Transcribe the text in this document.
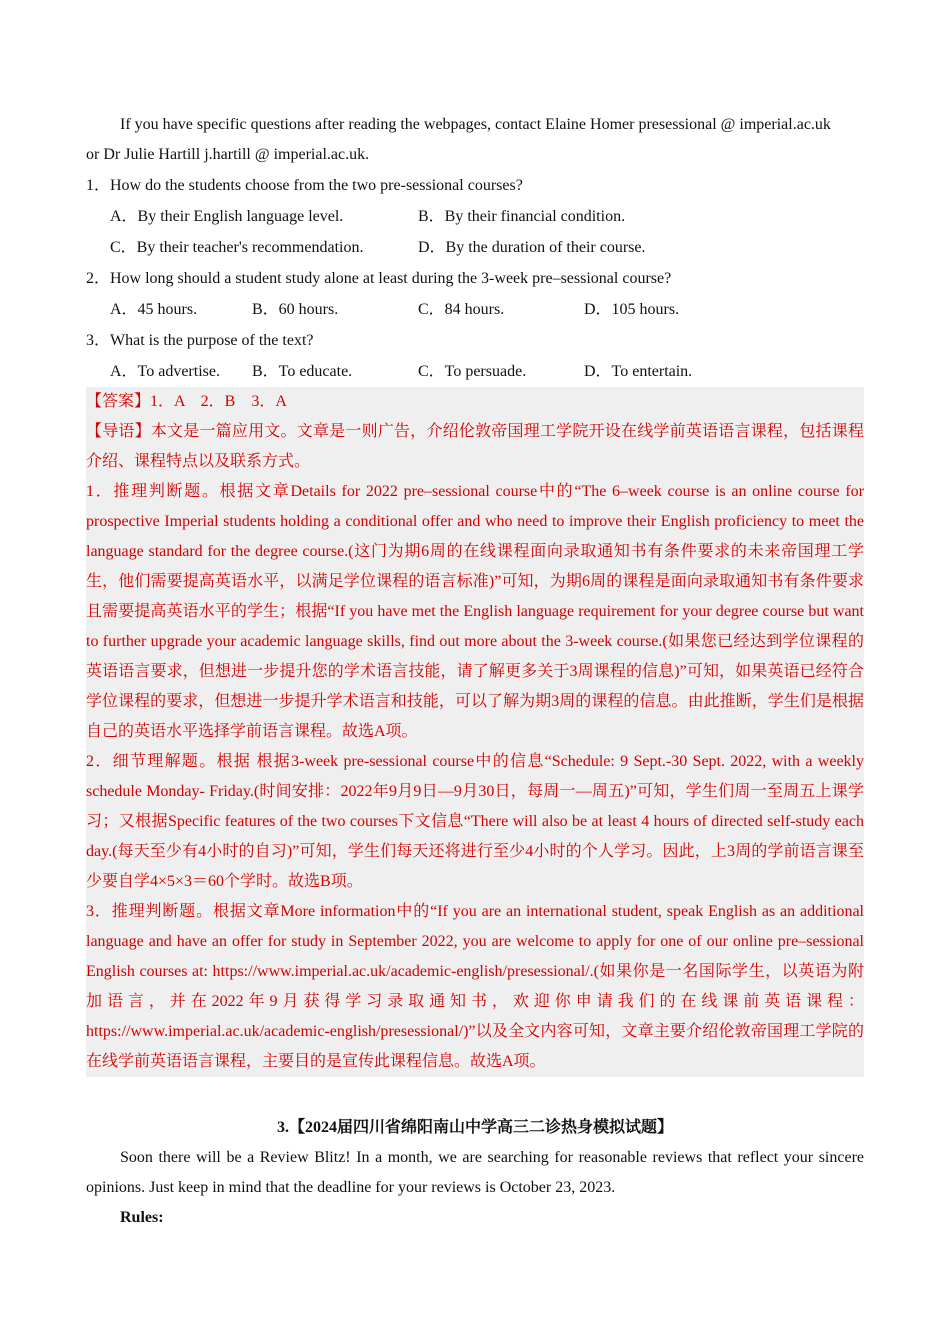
If you have specific questions after reading the webpages, contact Elaine Homer presessional @ imperial.ac.uk
or Dr Julie Hartill j.hartill @ imperial.ac.uk.
1．How do the students choose from the two pre-sessional courses?
A．By their English language level.	B．By their financial condition.
C．By their teacher's recommendation.	D．By the duration of their course.
2．How long should a student study alone at least during the 3-week pre–sessional course?
A．45 hours.	B．60 hours.	C．84 hours.	D．105 hours.
3．What is the purpose of the text?
A．To advertise.	B．To educate.	C．To persuade.	D．To entertain.
【答案】1．A　2．B　3．A
【导语】本文是一篇应用文。文章是一则广告，介绍伦敦帝国理工学院开设在线学前英语语言课程，包括课程介绍、课程特点以及联系方式。
1．推理判断题。根据文章Details for 2022 pre–sessional course中的“The 6–week course is an online course for prospective Imperial students holding a conditional offer and who need to improve their English proficiency to meet the language standard for the degree course.(这门为期6周的在线课程面向录取通知书有条件要求的未来帝国理工学生，他们需要提高英语水平，以满足学位课程的语言标准)”可知，为期6周的课程是面向录取通知书有条件要求且需要提高英语水平的学生；根据“If you have met the English language requirement for your degree course but want to further upgrade your academic language skills, find out more about the 3-week course.(如果您已经达到学位课程的英语语言要求，但想进一步提升您的学术语言技能，请了解更多关于3周课程的信息)”可知，如果英语已经符合学位课程的要求，但想进一步提升学术语言和技能，可以了解为期3周的课程的信息。由此推断，学生们是根据自己的英语水平选择学前语言课程。故选A项。
2．细节理解题。根据 根据3-week pre-sessional course中的信息“Schedule: 9 Sept.-30 Sept. 2022, with a weekly schedule Monday- Friday.(时间安排：2022年9月9日—9月30日，每周一—周五)”可知，学生们周一至周五上课学习；又根据Specific features of the two courses下文信息“There will also be at least 4 hours of directed self-study each day.(每天至少有4小时的自习)”可知，学生们每天还将进行至少4小时的个人学习。因此，上3周的学前语言课至少要自学4×5×3＝60个学时。故选B项。
3．推理判断题。根据文章More information中的“If you are an international student, speak English as an additional language and have an offer for study in September 2022, you are welcome to apply for one of our online pre–sessional English courses at: https://www.imperial.ac.uk/academic-english/presessional/.(如果你是一名国际学生，以英语为附加语言，并在2022年9月获得学习录取通知书，欢迎你申请我们的在线课前英语课程：https://www.imperial.ac.uk/academic-english/presessional/)”以及全文内容可知，文章主要介绍伦敦帝国理工学院的在线学前英语语言课程，主要目的是宣传此课程信息。故选A项。
3.【2024届四川省绵阳南山中学高三二诊热身模拟试题】
Soon there will be a Review Blitz! In a month, we are searching for reasonable reviews that reflect your sincere opinions. Just keep in mind that the deadline for your reviews is October 23, 2023.
Rules:
